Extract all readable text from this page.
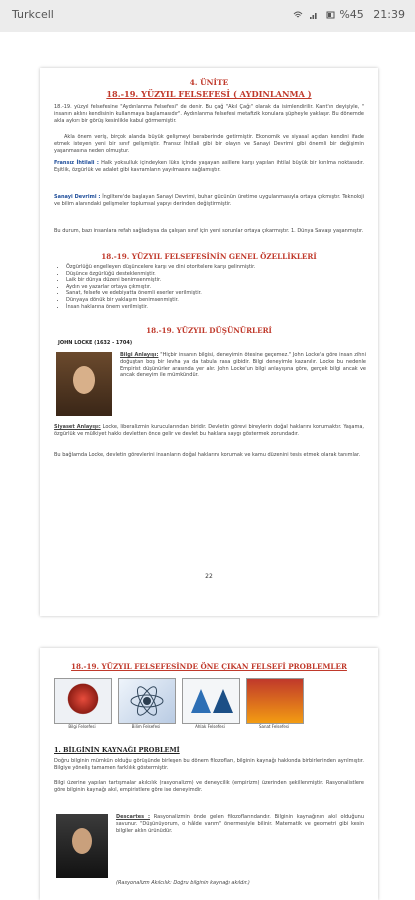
Turkcell	%45 21:39
4. ÜNİTE
18.-19. YÜZYIL FELSEFESİ ( AYDINLANMA )
18.-19. yüzyıl felsefesine "Aydınlanma Felsefesi" de denir. Bu çağ "Akıl Çağı" olarak da isimlendirilir. Kant'ın deyişiyle, " insanın aklını kendisinin kullanmaya başlamasıdır". Aydınlanma felsefesi metafizik konulara şüpheyle yaklaşır. Bu dönemde akla aykırı bir görüş kesinlikle kabul görmemiştir.
Akla önem veriş, birçok alanda büyük gelişmeyi beraberinde getirmiştir. Ekonomik ve siyasal açıdan kendini ifade etmek isteyen yeni bir sınıf gelişmiştir. Fransız İhtilali gibi bir olayın ve Sanayi Devrimi gibi önemli bir değişimin yaşanmasına neden olmuştur.
Fransız İhtilali : Halk yoksulluk içindeyken lüks içinde yaşayan asillere karşı yapılan ihtilal büyük bir kırılma noktasıdır. Eşitlik, özgürlük ve adalet gibi kavramların yayılmasını sağlamıştır.
Sanayi Devrimi : İngiltere'de başlayan Sanayi Devrimi, buhar gücünün üretime uygulanmasıyla ortaya çıkmıştır. Teknoloji ve bilim alanındaki gelişmeler toplumsal yapıyı derinden değiştirmiştir.
Bu durum, bazı insanlara refah sağladıysa da çalışan sınıf için yeni sorunlar ortaya çıkarmıştır. 1. Dünya Savaşı yaşanmıştır.
18.-19. YÜZYIL FELSEFESİNİN GENEL ÖZELLİKLERİ
• Özgürlüğü engelleyen düşüncelere karşı ve dini otoritelere karşı gelinmiştir.
• Düşünce özgürlüğü desteklenmiştir.
• Laik bir dünya düzeni benimsenmiştir.
• Aydın ve yazarlar ortaya çıkmıştır.
• Sanat, felsefe ve edebiyatta önemli eserler verilmiştir.
• Dünyaya dönük bir yaklaşım benimsenmiştir.
• İnsan haklarına önem verilmiştir.
18.-19. YÜZYIL DÜŞÜNÜRLERİ
JOHN LOCKE (1632 - 1704)
Bilgi Anlayışı: "Hiçbir insanın bilgisi, deneyimin ötesine geçemez." John Locke'a göre insan zihni doğuştan boş bir levha ya da tabula rasa gibidir. Bilgi deneyimle kazanılır. Locke bu nedenle Empirist düşünürler arasında yer alır. John Locke'un bilgi anlayışına göre, gerçek bilgi ancak ve ancak deneyim ile mümkündür.
Siyaset Anlayışı: Locke, liberalizmin kurucularından biridir. Devletin görevi bireylerin doğal haklarını korumaktır. Yaşama, özgürlük ve mülkiyet hakkı devletten önce gelir ve devlet bu haklara saygı göstermek zorundadır.
Bu bağlamda Locke, devletin görevlerini insanların doğal haklarını korumak ve kamu düzenini tesis etmek olarak tanımlar.
22
18.-19. YÜZYIL FELSEFESİNDE ÖNE ÇIKAN FELSEFİ PROBLEMLER
Bilgi Felsefesi	Bilim Felsefesi	Ahlak Felsefesi	Sanat Felsefesi
1. BİLGİNİN KAYNAĞI PROBLEMİ
Doğru bilginin mümkün olduğu görüşünde birleşen bu dönem filozofları, bilginin kaynağı hakkında birbirlerinden ayrılmıştır. Bilgiye yöneliş tamamen farklılık göstermiştir.
Bilgi üzerine yapılan tartışmalar akılcılık (rasyonalizm) ve deneycilik (empirizm) üzerinden şekillenmiştir. Rasyonalistlere göre bilginin kaynağı akıl, empiristlere göre ise deneyimdir.
Descartes : Rasyonalizmin önde gelen filozoflarındandır. Bilginin kaynağının akıl olduğunu savunur. "Düşünüyorum, o hâlde varım" önermesiyle bilinir. Matematik ve geometri gibi kesin bilgiler aklın ürünüdür.
(Rasyonalizm Akılcılık: Doğru bilginin kaynağı akıldır.)
